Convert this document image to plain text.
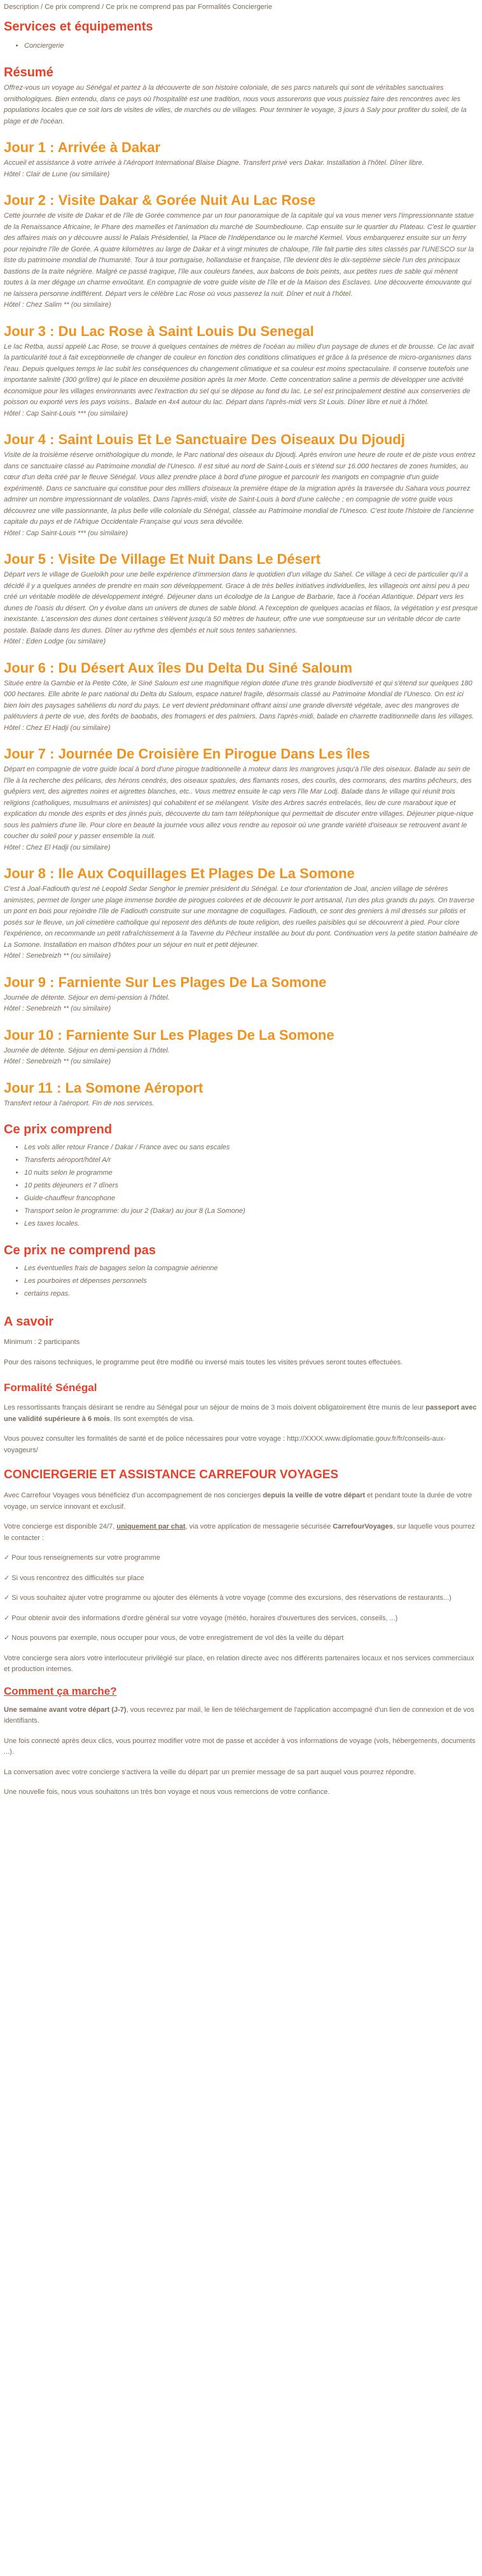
Description / Ce prix comprend / Ce prix ne comprend pas par Formalités Conciergerie
Services et équipements
• Conciergerie
Résumé

Offrez-vous un voyage au Sénégal et partez à la découverte de son histoire coloniale, de ses parcs naturels qui sont de véritables sanctuaires ornithologiques. Bien entendu, dans ce pays où l'hospitalité est une tradition, nous vous assurerons que vous puissiez faire des rencontres avec les populations locales que ce soit lors de visites de villes, de marchés ou de villages. Pour terminer le voyage, 3 jours à Saly pour profiter du soleil, de la plage et de l'océan.

Jour 1 : Arrivée à Dakar

Accueil et assistance à votre arrivée à l'Aéroport International Blaise Diagne. Transfert privé vers Dakar. Installation à l'hôtel. Dîner libre.

Hôtel : Clair de Lune (ou similaire)

Jour 2 : Visite Dakar & Gorée Nuit Au Lac Rose

Cette journée de visite de Dakar et de l'île de Gorée commence par un tour panoramique de la capitale qui va vous mener vers l'impressionnante statue de la Renaissance Africaine, le Phare des mamelles et l'animation du marché de Soumbedioune. Cap ensuite sur le quartier du Plateau. C'est le quartier des affaires mais on y découvre aussi le Palais Présidentiel, la Place de l'Indépendance ou le marché Kermel. Vous embarquerez ensuite sur un ferry pour rejoindre l'île de Gorée. A quatre kilomètres au large de Dakar et à vingt minutes de chaloupe, l'île fait partie des sites classés par l'UNESCO sur la liste du patrimoine mondial de l'humanité. Tour à tour portugaise, hollandaise et française, l'île devient dès le dix-septième siècle l'un des principaux bastions de la traite négrière. Malgré ce passé tragique, l'île aux couleurs fanées, aux balcons de bois peints, aux petites rues de sable qui mènent toutes à la mer dégage un charme envoûtant. En compagnie de votre guide visite de l'île et de la Maison des Esclaves. Une découverte émouvante qui ne laissera personne indifférent. Départ vers le célèbre Lac Rose où vous passerez la nuit. Dîner et nuit à l'hôtel.

Hôtel : Chez Salim ** (ou similaire)

Jour 3 : Du Lac Rose à Saint Louis Du Senegal

Le lac Retba, aussi appelé Lac Rose, se trouve à quelques centaines de mètres de l'océan au milieu d'un paysage de dunes et de brousse. Ce lac avait la particularité tout à fait exceptionnelle de changer de couleur en fonction des conditions climatiques et grâce à la présence de micro-organismes dans l'eau. Depuis quelques temps le lac subit les conséquences du changement climatique et sa couleur est moins spectaculaire. Il conserve toutefois une importante salinité (300 gr/litre) qui le place en deuxième position après la mer Morte. Cette concentration saline a permis de développer une activité économique pour les villages environnants avec l'extraction du sel qui se dépose au fond du lac. Le sel est principalement destiné aux conserveries de poisson ou exporté vers les pays voisins.. Balade en 4x4 autour du lac. Départ dans l'après-midi vers St Louis. Dîner libre et nuit à l'hôtel.

Hôtel : Cap Saint-Louis *** (ou similaire)

Jour 4 : Saint Louis Et Le Sanctuaire Des Oiseaux Du Djoudj

Visite de la troisième réserve ornithologique du monde, le Parc national des oiseaux du Djoudj. Après environ une heure de route et de piste vous entrez dans ce sanctuaire classé au Patrimoine mondial de l'Unesco. Il est situé au nord de Saint-Louis et s'étend sur 16.000 hectares de zones humides, au cœur d'un delta créé par le fleuve Sénégal. Vous allez prendre place à bord d'une pirogue et parcourir les marigots en compagnie d'un guide expérimenté. Dans ce sanctuaire qui constitue pour des milliers d'oiseaux la première étape de la migration après la traversée du Sahara vous pourrez admirer un nombre impressionnant de volatiles. Dans l'après-midi, visite de Saint-Louis à bord d'une calèche ; en compagnie de votre guide vous découvrez une ville passionnante, la plus belle ville coloniale du Sénégal, classée au Patrimoine mondial de l'Unesco. C'est toute l'histoire de l'ancienne capitale du pays et de l'Afrique Occidentale Française qui vous sera dévoilée.

Hôtel : Cap Saint-Louis *** (ou similaire)

Jour 5 : Visite De Village Et Nuit Dans Le Désert

Départ vers le village de Gueloikh pour une belle expérience d'immersion dans le quotidien d'un village du Sahel. Ce village à ceci de particulier qu'il a décidé il y a quelques années de prendre en main son développement. Grace à de très belles initiatives individuelles, les villageois ont ainsi peu à peu créé un véritable modèle de développement intégré. Déjeuner dans un écolodge de la Langue de Barbarie, face à l'océan Atlantique. Départ vers les dunes de l'oasis du désert. On y évolue dans un univers de dunes de sable blond. A l'exception de quelques acacias et filaos, la végétation y est presque inexistante. L'ascension des dunes dont certaines s'élèvent jusqu'à 50 mètres de hauteur, offre une vue somptueuse sur un véritable décor de carte postale. Balade dans les dunes. Dîner au rythme des djembés et nuit sous tentes sahariennes.

Hôtel : Eden Lodge (ou similaire)

Jour 6 : Du Désert Aux îles Du Delta Du Siné Saloum

Située entre la Gambie et la Petite Côte, le Siné Saloum est une magnifique région dotée d'une très grande biodiversité et qui s'étend sur quelques 180 000 hectares. Elle abrite le parc national du Delta du Saloum, espace naturel fragile, désormais classé au Patrimoine Mondial de l'Unesco. On est ici bien loin des paysages sahéliens du nord du pays. Le vert devient prédominant offrant ainsi une grande diversité végétale, avec des mangroves de palétuviers à perte de vue, des forêts de baobabs, des fromagers et des palmiers. Dans l'après-midi, balade en charrette traditionnelle dans les villages.

Hôtel : Chez El Hadji (ou similaire)

Jour 7 : Journée De Croisière En Pirogue Dans Les îles

Départ en compagnie de votre guide local à bord d'une pirogue traditionnelle à moteur dans les mangroves jusqu'à l'île des oiseaux. Balade au sein de l'île à la recherche des pélicans, des hérons cendrés, des oiseaux spatules, des flamants roses, des courlis, des cormorans, des martins pêcheurs, des guêpiers vert, des aigrettes noires et aigrettes blanches, etc.. Vous mettrez ensuite le cap vers l'île Mar Lodj. Balade dans le village qui réunit trois religions (catholiques, musulmans et animistes) qui cohabitent et se mélangent. Visite des Arbres sacrés entrelacés, lieu de cure marabout ique et explication du monde des esprits et des jinnés puis, découverte du tam tam téléphonique qui permettait de discuter entre villages. Déjeuner pique-nique sous les palmiers d'une île. Pour clore en beauté la journée vous allez vous rendre au reposoir où une grande variété d'oiseaux se retrouvent avant le coucher du soleil pour y passer ensemble la nuit.

Hôtel : Chez El Hadji (ou similaire)

Jour 8 : Ile Aux Coquillages Et Plages De La Somone

C'est à Joal-Fadiouth qu'est né Leopold Sedar Senghor le premier président du Sénégal. Le tour d'orientation de Joal, ancien village de sérères animistes, permet de longer une plage immense bordée de pirogues colorées et de découvrir le port artisanal, l'un des plus grands du pays. On traverse un pont en bois pour rejoindre l'île de Fadiouth construite sur une montagne de coquillages. Fadiouth, ce sont des greniers à mil dressés sur pilotis et posés sur le fleuve, un joli cimetière catholique qui reposent des défunts de toute religion, des ruelles paisibles qui se découvrent à pied. Pour clore l'expérience, on recommande un petit rafraîchissement à la Taverne du Pêcheur installée au bout du pont. Continuation vers la petite station balnéaire de La Somone. Installation en maison d'hôtes pour un séjour en nuit et petit déjeuner.

Hôtel : Senebreizh ** (ou similaire)

Jour 9 : Farniente Sur Les Plages De La Somone

Journée de détente. Séjour en demi-pension à l'hôtel.

Hôtel : Senebreizh ** (ou similaire)

Jour 10 : Farniente Sur Les Plages De La Somone

Journée de détente. Séjour en demi-pension à l'hôtel.

Hôtel : Senebreizh ** (ou similaire)

Jour 11 : La Somone Aéroport

Transfert retour à l'aéroport. Fin de nos services.

Ce prix comprend
• Les vols aller retour France / Dakar / France avec ou sans escales
• Transferts aéroport/hôtel A/r
• 10 nuits selon le programme
• 10 petits déjeuners et 7 dîners
• Guide-chauffeur francophone
• Transport selon le programme: du jour 2 (Dakar) au jour 8 (La Somone)
• Les taxes locales.
Ce prix ne comprend pas
• Les éventuelles frais de bagages selon la compagnie aérienne
• Les pourboires et dépenses personnels
• certains repas.
A savoir

Minimum : 2 participants

Pour des raisons techniques, le programme peut être modifié ou inversé mais toutes les visites prévues seront toutes effectuées.

Formalité Sénégal

Les ressortissants français désirant se rendre au Sénégal pour un séjour de moins de 3 mois doivent obligatoirement être munis de leur passeport avec une validité supérieure à 6 mois. Ils sont exemptés de visa.

Vous pouvez consulter les formalités de santé et de police nécessaires pour votre voyage : http://XXXX.www.diplomatie.gouv.fr/fr/conseils-aux-voyageurs/

CONCIERGERIE ET ASSISTANCE CARREFOUR VOYAGES

Avec Carrefour Voyages vous bénéficiez d'un accompagnement de nos concierges depuis la veille de votre départ et pendant toute la durée de votre voyage, un service innovant et exclusif.

Votre concierge est disponible 24/7, uniquement par chat, via votre application de messagerie sécurisée CarrefourVoyages, sur laquelle vous pourrez le contacter :

✓ Pour tous renseignements sur votre programme

✓ Si vous rencontrez des difficultés sur place

✓ Si vous souhaitez ajuter votre programme ou ajouter des éléments à votre voyage (comme des excursions, des réservations de restaurants...)

✓ Pour obtenir avoir des informations d'ordre général sur votre voyage (météo, horaires d'ouvertures des services, conseils, ...)

✓ Nous pouvons par exemple, nous occuper pour vous, de votre enregistrement de vol dès la veille du départ

Votre concierge sera alors votre interlocuteur privilégié sur place, en relation directe avec nos différents partenaires locaux et nos services commerciaux et production internes.

Comment ça marche?

Une semaine avant votre départ (J-7), vous recevrez par mail, le lien de téléchargement de l'application accompagné d'un lien de connexion et de vos identifiants.

Une fois connecté après deux clics, vous pourrez modifier votre mot de passe et accéder à vos informations de voyage (vols, hébergements, documents ...).

La conversation avec votre concierge s'activera la veille du départ par un premier message de sa part auquel vous pourrez répondre.

Une nouvelle fois, nous vous souhaitons un très bon voyage et nous vous remercions de votre confiance.
